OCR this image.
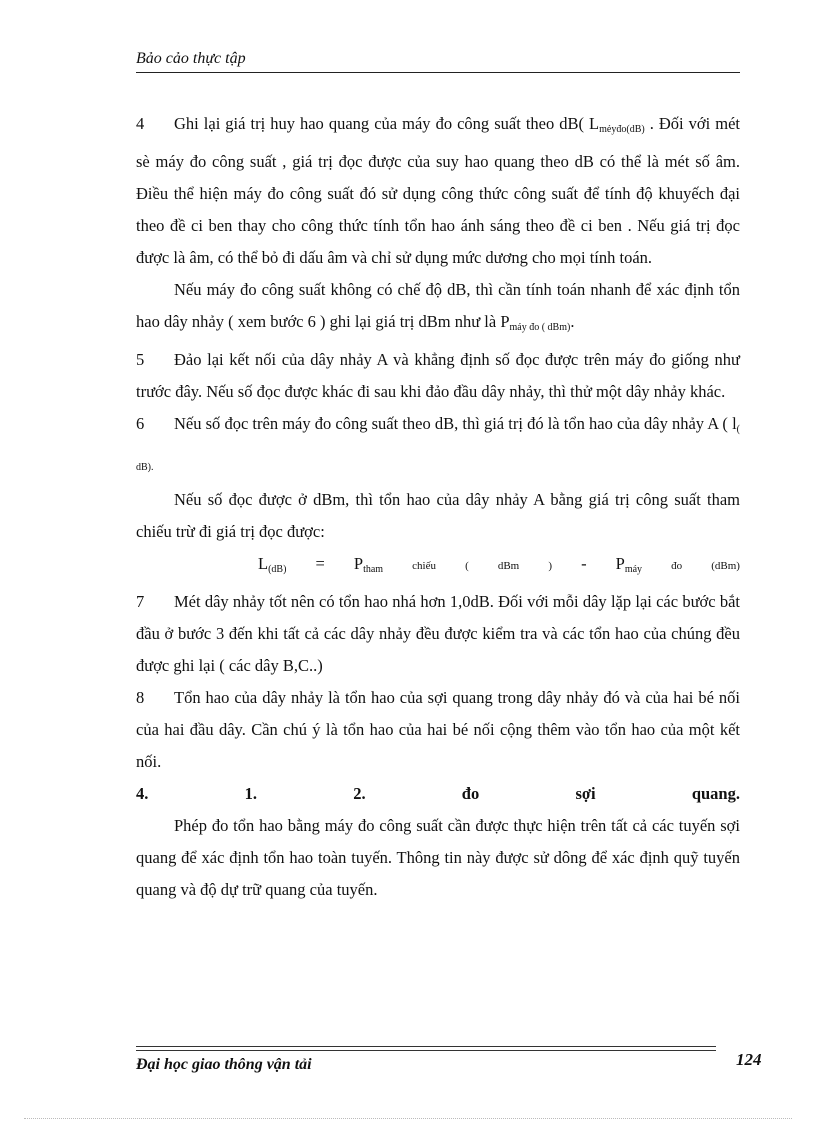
Bảo cảo thực tập

4 Ghi lại giá trị huy hao quang của máy đo công suất theo dB( $L_{mẻyđo(dB)}$ . Đối với mét sè máy đo công suất , giá trị đọc được của suy hao quang theo dB có thể là mét số âm. Điều thể hiện máy đo công suất đó sử dụng công thức công suất để tính độ khuyếch đại theo đề ci ben thay cho công thức tính tổn hao ánh sáng theo đề ci ben . Nếu giá trị đọc được là âm, có thể bỏ đi dấu âm và chỉ sử dụng mức dương cho mọi tính toán.

Nếu máy đo công suất không có chế độ dB, thì cần tính toán nhanh để xác định tổn hao dây nhảy ( xem bước 6 ) ghi lại giá trị dBm như là $P_{máy đo ( dBm)}$.

5 Đảo lại kết nối của dây nhảy A và khẳng định số đọc được trên máy đo giống như trước đây. Nếu số đọc được khác đi sau khi đảo đầu dây nhảy, thì thử một dây nhảy khác.

6 Nếu số đọc trên máy đo công suất theo dB, thì giá trị đó là tổn hao của dây nhảy A ( $l_{( dB).}$

Nếu số đọc được ở dBm, thì tổn hao của dây nhảy A bằng giá trị công suất tham chiếu trừ đi giá trị đọc được:

$L_{(dB)} = P_{tham}$	chiếu	(	dBm	) - $P_{máy}$	đo	(dBm)

7 Mét dây nhảy tốt nên có tổn hao nhá hơn 1,0dB. Đối với mỗi dây lặp lại các bước bắt đầu ở bước 3 đến khi tất cả các dây nhảy đều được kiểm tra và các tổn hao của chúng đều được ghi lại ( các dây B,C..)

8 Tổn hao của dây nhảy là tổn hao của sợi quang trong dây nhảy đó và của hai bé nối của hai đầu dây. Cần chú ý là tổn hao của hai bé nối cộng thêm vào tổn hao của một kết nối.

4.	1.	2.	đo	sợi	quang.

Phép đo tổn hao bằng máy đo công suất cần được thực hiện trên tất cả các tuyến sợi quang để xác định tổn hao toàn tuyến. Thông tin này được sử dông để xác định quỹ tuyến quang và độ dự trữ quang của tuyến.

Đại học giao thông vận tải	124
